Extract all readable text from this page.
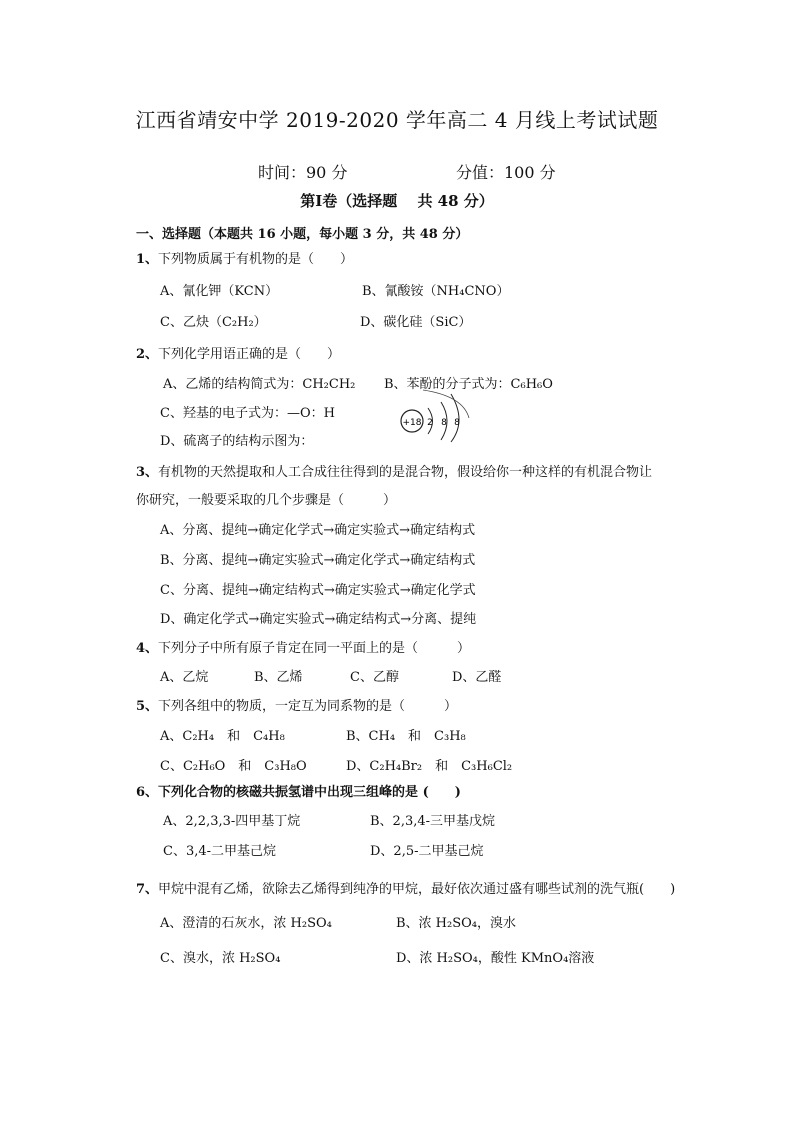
江西省靖安中学 2019-2020 学年高二 4 月线上考试试题
时间：90 分	分值：100 分
第Ⅰ卷（选择题　 共 48 分）
一、选择题（本题共 16 小题，每小题 3 分，共 48 分）
1、下列物质属于有机物的是（　　）
A、氰化钾（KCN）	B、氰酸铵（NH₄CNO）
C、乙炔（C₂H₂）	D、碳化硅（SiC）
2、下列化学用语正确的是（　　）
A、乙烯的结构简式为：CH₂CH₂ B、苯酚的分子式为：C₆H₆O
C、羟基的电子式为：—O：H
D、硫离子的结构示图为：
+18 2 8 8
3、有机物的天然提取和人工合成往往得到的是混合物，假设给你一种这样的有机混合物让
你研究，一般要采取的几个步骤是（　　　）
A、分离、提纯→确定化学式→确定实验式→确定结构式
B、分离、提纯→确定实验式→确定化学式→确定结构式
C、分离、提纯→确定结构式→确定实验式→确定化学式
D、确定化学式→确定实验式→确定结构式→分离、提纯
4、下列分子中所有原子肯定在同一平面上的是（　　　）
A、乙烷	B、乙烯	C、乙醇	D、乙醛
5、下列各组中的物质，一定互为同系物的是（　　　）
A、C₂H₄　和　C₄H₈	B、CH₄　和　C₃H₈
C、C₂H₆O　和　C₃H₈O	D、C₂H₄Br₂　和　C₃H₆Cl₂
6、下列化合物的核磁共振氢谱中出现三组峰的是 (　　)
A、2,2,3,3-四甲基丁烷	B、2,3,4-三甲基戊烷
C、3,4-二甲基己烷	D、2,5-二甲基己烷
7、甲烷中混有乙烯，欲除去乙烯得到纯净的甲烷，最好依次通过盛有哪些试剂的洗气瓶(　　)
A、澄清的石灰水，浓 H₂SO₄	B、浓 H₂SO₄，溴水
C、溴水，浓 H₂SO₄	D、浓 H₂SO₄，酸性 KMnO₄溶液
